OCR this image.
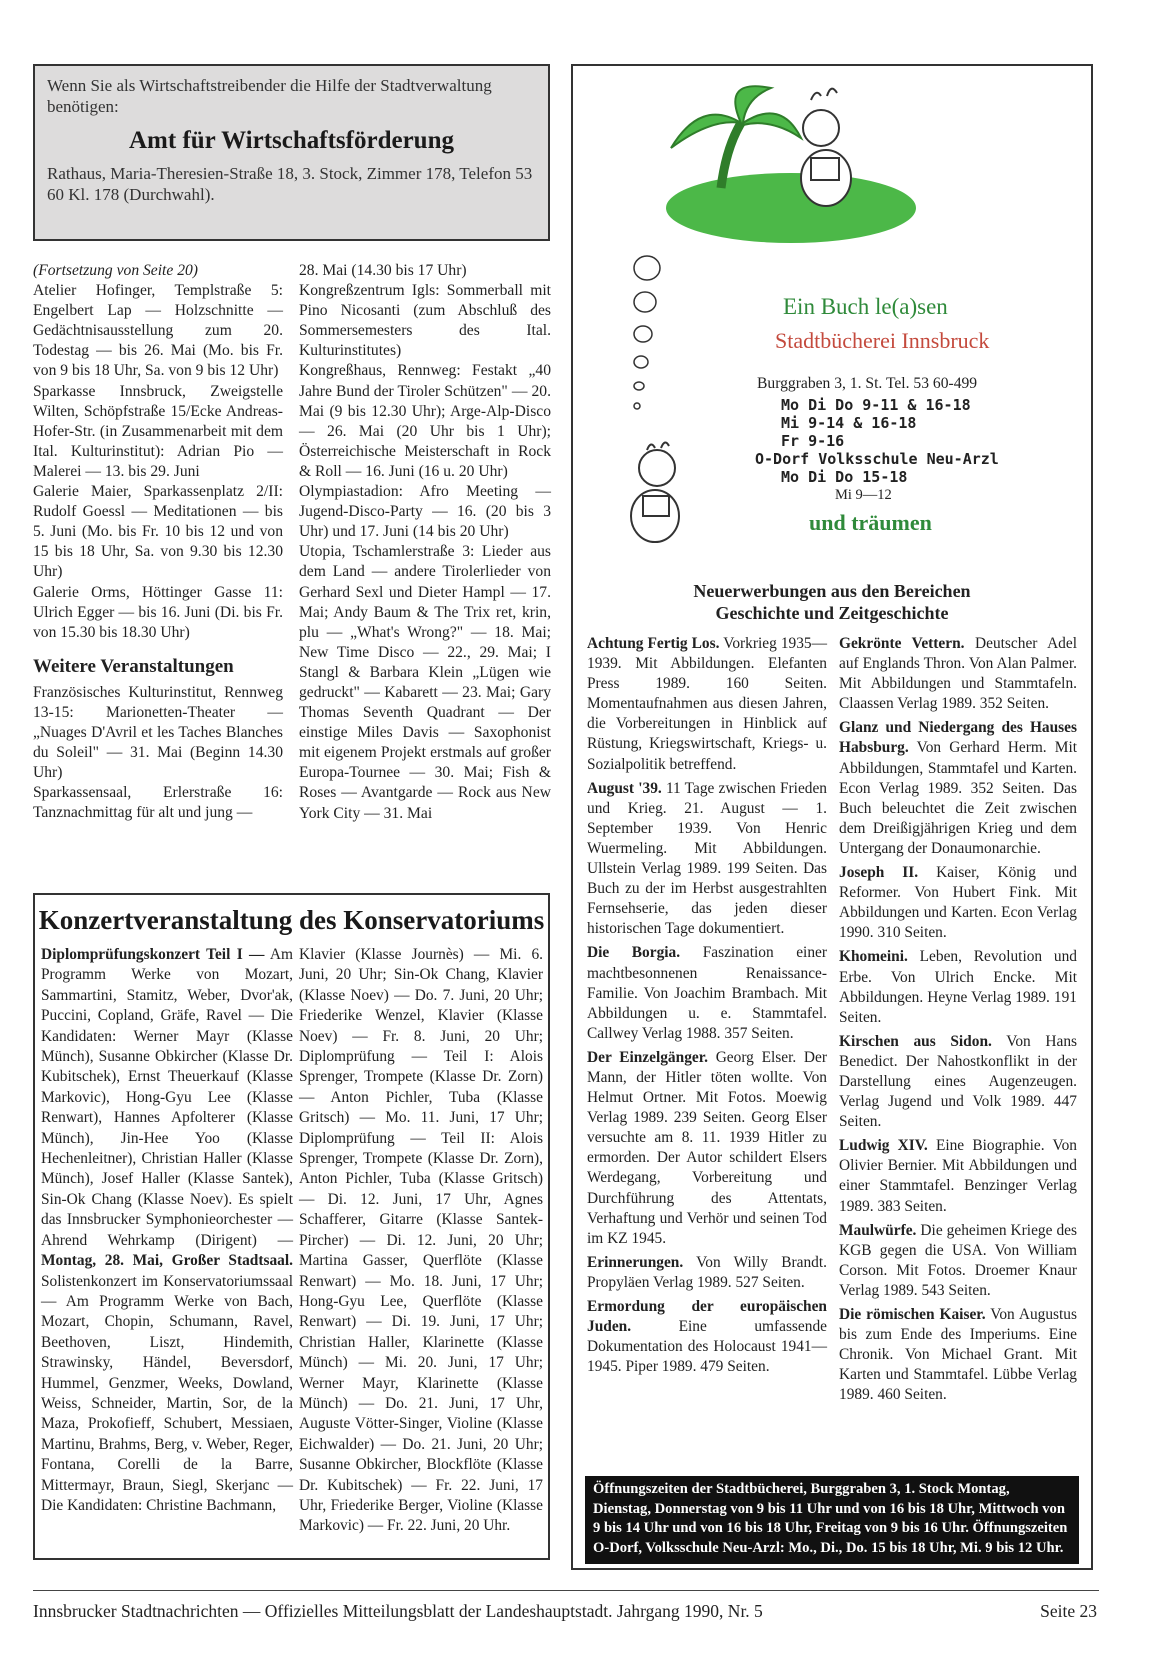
Wenn Sie als Wirtschaftstreibender die Hilfe der Stadtverwaltung benötigen:
Amt für Wirtschaftsförderung
Rathaus, Maria-Theresien-Straße 18, 3. Stock, Zimmer 178, Telefon 53 60 Kl. 178 (Durchwahl).
(Fortsetzung von Seite 20)
Atelier Hofinger, Templstraße 5: Engelbert Lap — Holzschnitte — Gedächtnisausstellung zum 20. Todestag — bis 26. Mai (Mo. bis Fr. von 9 bis 18 Uhr, Sa. von 9 bis 12 Uhr)
Sparkasse Innsbruck, Zweigstelle Wilten, Schöpfstraße 15/Ecke Andreas-Hofer-Str. (in Zusammenarbeit mit dem Ital. Kulturinstitut): Adrian Pio — Malerei — 13. bis 29. Juni
Galerie Maier, Sparkassenplatz 2/II: Rudolf Goessl — Meditationen — bis 5. Juni (Mo. bis Fr. 10 bis 12 und von 15 bis 18 Uhr, Sa. von 9.30 bis 12.30 Uhr)
Galerie Orms, Höttinger Gasse 11: Ulrich Egger — bis 16. Juni (Di. bis Fr. von 15.30 bis 18.30 Uhr)
Weitere Veranstaltungen
Französisches Kulturinstitut, Rennweg 13-15: Marionetten-Theater — „Nuages D'Avril et les Taches Blanches du Soleil" — 31. Mai (Beginn 14.30 Uhr)
Sparkassensaal, Erlerstraße 16: Tanznachmittag für alt und jung —
28. Mai (14.30 bis 17 Uhr)
Kongreßzentrum Igls: Sommerball mit Pino Nicosanti (zum Abschluß des Sommersemesters des Ital. Kulturinstitutes)
Kongreßhaus, Rennweg: Festakt „40 Jahre Bund der Tiroler Schützen" — 20. Mai (9 bis 12.30 Uhr); Arge-Alp-Disco — 26. Mai (20 Uhr bis 1 Uhr); Österreichische Meisterschaft in Rock & Roll — 16. Juni (16 u. 20 Uhr)
Olympiastadion: Afro Meeting — Jugend-Disco-Party — 16. (20 bis 3 Uhr) und 17. Juni (14 bis 20 Uhr)
Utopia, Tschamlerstraße 3: Lieder aus dem Land — andere Tirolerlieder von Gerhard Sexl und Dieter Hampl — 17. Mai; Andy Baum & The Trix ret, krin, plu — „What's Wrong?" — 18. Mai; New Time Disco — 22., 29. Mai; I Stangl & Barbara Klein „Lügen wie gedruckt" — Kabarett — 23. Mai; Gary Thomas Seventh Quadrant — Der einstige Miles Davis — Saxophonist mit eigenem Projekt erstmals auf großer Europa-Tournee — 30. Mai; Fish & Roses — Avantgarde — Rock aus New York City — 31. Mai
Konzertveranstaltung des Konservatoriums
Diplomprüfungskonzert Teil I — Am Programm Werke von Mozart, Sammartini, Stamitz, Weber, Dvor'ak, Puccini, Copland, Gräfe, Ravel — Die Kandidaten: Werner Mayr (Klasse Münch), Susanne Obkircher (Klasse Dr. Kubitschek), Ernst Theuerkauf (Klasse Markovic), Hong-Gyu Lee (Klasse Renwart), Hannes Apfolterer (Klasse Münch), Jin-Hee Yoo (Klasse Hechenleitner), Christian Haller (Klasse Münch), Josef Haller (Klasse Santek), Sin-Ok Chang (Klasse Noev). Es spielt das Innsbrucker Symphonieorchester — Ahrend Wehrkamp (Dirigent) — Montag, 28. Mai, Großer Stadtsaal. Solistenkonzert im Konservatoriumssaal — Am Programm Werke von Bach, Mozart, Chopin, Schumann, Ravel, Beethoven, Liszt, Hindemith, Strawinsky, Händel, Beversdorf, Hummel, Genzmer, Weeks, Dowland, Weiss, Schneider, Martin, Sor, de la Maza, Prokofieff, Schubert, Messiaen, Martinu, Brahms, Berg, v. Weber, Reger, Fontana, Corelli de la Barre, Mittermayr, Braun, Siegl, Skerjanc — Die Kandidaten: Christine Bachmann,
Klavier (Klasse Journès) — Mi. 6. Juni, 20 Uhr; Sin-Ok Chang, Klavier (Klasse Noev) — Do. 7. Juni, 20 Uhr; Friederike Wenzel, Klavier (Klasse Noev) — Fr. 8. Juni, 20 Uhr; Diplomprüfung — Teil I: Alois Sprenger, Trompete (Klasse Dr. Zorn) — Anton Pichler, Tuba (Klasse Gritsch) — Mo. 11. Juni, 17 Uhr; Diplomprüfung — Teil II: Alois Sprenger, Trompete (Klasse Dr. Zorn), Anton Pichler, Tuba (Klasse Gritsch) — Di. 12. Juni, 17 Uhr, Agnes Schafferer, Gitarre (Klasse Santek-Pircher) — Di. 12. Juni, 20 Uhr; Martina Gasser, Querflöte (Klasse Renwart) — Mo. 18. Juni, 17 Uhr; Hong-Gyu Lee, Querflöte (Klasse Renwart) — Di. 19. Juni, 17 Uhr; Christian Haller, Klarinette (Klasse Münch) — Mi. 20. Juni, 17 Uhr; Werner Mayr, Klarinette (Klasse Münch) — Do. 21. Juni, 17 Uhr, Auguste Vötter-Singer, Violine (Klasse Eichwalder) — Do. 21. Juni, 20 Uhr; Susanne Obkircher, Blockflöte (Klasse Dr. Kubitschek) — Fr. 22. Juni, 17 Uhr, Friederike Berger, Violine (Klasse Markovic) — Fr. 22. Juni, 20 Uhr.
Ein Buch le(a)sen
Stadtbücherei Innsbruck
Burggraben 3, 1. St. Tel. 53 60-499
Mo Di Do 9-11 & 16-18
Mi 9-14 & 16-18
Fr 9-16
O-Dorf Volksschule Neu-Arzl
Mo Di Do 15-18
Mi 9—12
und träumen
Neuerwerbungen aus den Bereichen
Geschichte und Zeitgeschichte
Achtung Fertig Los. Vorkrieg 1935—1939. Mit Abbildungen. Elefanten Press 1989. 160 Seiten. Momentaufnahmen aus diesen Jahren, die Vorbereitungen in Hinblick auf Rüstung, Kriegswirtschaft, Kriegs- u. Sozialpolitik betreffend.
August '39. 11 Tage zwischen Frieden und Krieg. 21. August — 1. September 1939. Von Henric Wuermeling. Mit Abbildungen. Ullstein Verlag 1989. 199 Seiten. Das Buch zu der im Herbst ausgestrahlten Fernsehserie, das jeden dieser historischen Tage dokumentiert.
Die Borgia. Faszination einer machtbesonnenen Renaissance-Familie. Von Joachim Brambach. Mit Abbildungen u. e. Stammtafel. Callwey Verlag 1988. 357 Seiten.
Der Einzelgänger. Georg Elser. Der Mann, der Hitler töten wollte. Von Helmut Ortner. Mit Fotos. Moewig Verlag 1989. 239 Seiten. Georg Elser versuchte am 8. 11. 1939 Hitler zu ermorden. Der Autor schildert Elsers Werdegang, Vorbereitung und Durchführung des Attentats, Verhaftung und Verhör und seinen Tod im KZ 1945.
Erinnerungen. Von Willy Brandt. Propyläen Verlag 1989. 527 Seiten.
Ermordung der europäischen Juden.	Eine umfassende Dokumentation des Holocaust 1941—1945. Piper 1989. 479 Seiten.
Gekrönte Vettern. Deutscher Adel auf Englands Thron. Von Alan Palmer. Mit Abbildungen und Stammtafeln. Claassen Verlag 1989. 352 Seiten.
Glanz und Niedergang des Hauses Habsburg. Von Gerhard Herm. Mit Abbildungen, Stammtafel und Karten. Econ Verlag 1989. 352 Seiten. Das Buch beleuchtet die Zeit zwischen dem Dreißigjährigen Krieg und dem Untergang der Donaumonarchie.
Joseph II. Kaiser, König und Reformer. Von Hubert Fink. Mit Abbildungen und Karten. Econ Verlag 1990. 310 Seiten.
Khomeini. Leben, Revolution und Erbe. Von Ulrich Encke. Mit Abbildungen. Heyne Verlag 1989. 191 Seiten.
Kirschen aus Sidon. Von Hans Benedict. Der Nahostkonflikt in der Darstellung eines Augenzeugen. Verlag Jugend und Volk 1989. 447 Seiten.
Ludwig XIV. Eine Biographie. Von Olivier Bernier. Mit Abbildungen und einer Stammtafel. Benzinger Verlag 1989. 383 Seiten.
Maulwürfe. Die geheimen Kriege des KGB gegen die USA. Von William Corson. Mit Fotos. Droemer Knaur Verlag 1989. 543 Seiten.
Die römischen Kaiser. Von Augustus bis zum Ende des Imperiums. Eine Chronik. Von Michael Grant. Mit Karten und Stammtafel. Lübbe Verlag 1989. 460 Seiten.
Öffnungszeiten der Stadtbücherei, Burggraben 3, 1. Stock Montag, Dienstag, Donnerstag von 9 bis 11 Uhr und von 16 bis 18 Uhr, Mittwoch von 9 bis 14 Uhr und von 16 bis 18 Uhr, Freitag von 9 bis 16 Uhr. Öffnungszeiten O-Dorf, Volksschule Neu-Arzl: Mo., Di., Do. 15 bis 18 Uhr, Mi. 9 bis 12 Uhr.
Innsbrucker Stadtnachrichten — Offizielles Mitteilungsblatt der Landeshauptstadt. Jahrgang 1990, Nr. 5	Seite 23
